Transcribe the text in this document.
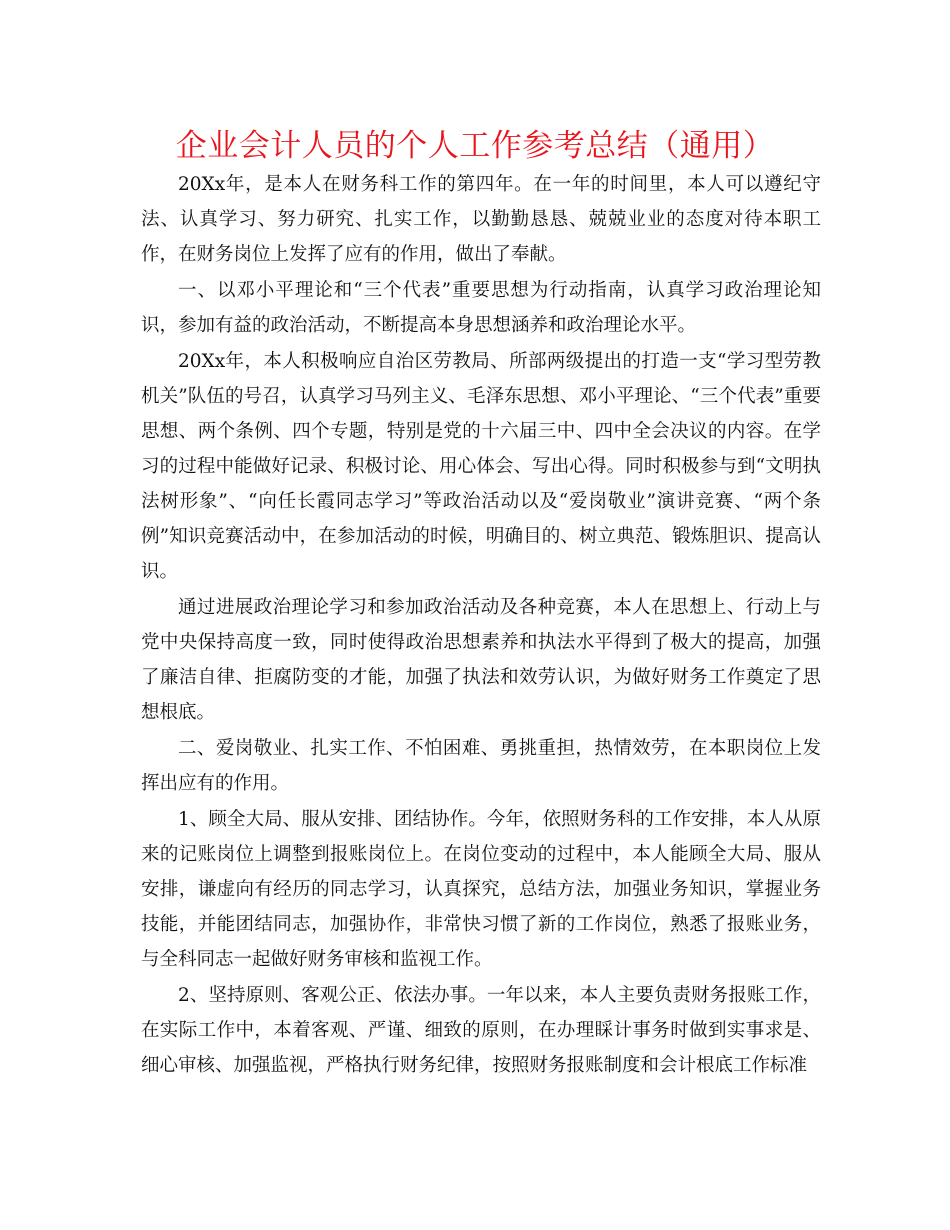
企业会计人员的个人工作参考总结（通用）

20Xx年，是本人在财务科工作的第四年。在一年的时间里，本人可以遵纪守法、认真学习、努力研究、扎实工作，以勤勤恳恳、兢兢业业的态度对待本职工作，在财务岗位上发挥了应有的作用，做出了奉献。

一、以邓小平理论和“三个代表”重要思想为行动指南，认真学习政治理论知识，参加有益的政治活动，不断提高本身思想涵养和政治理论水平。

20Xx年，本人积极响应自治区劳教局、所部两级提出的打造一支“学习型劳教机关”队伍的号召，认真学习马列主义、毛泽东思想、邓小平理论、“三个代表”重要思想、两个条例、四个专题，特别是党的十六届三中、四中全会决议的内容。在学习的过程中能做好记录、积极讨论、用心体会、写出心得。同时积极参与到“文明执法树形象”、“向任长霞同志学习”等政治活动以及“爱岗敬业”演讲竞赛、“两个条例”知识竞赛活动中，在参加活动的时候，明确目的、树立典范、锻炼胆识、提高认识。

通过进展政治理论学习和参加政治活动及各种竞赛，本人在思想上、行动上与党中央保持高度一致，同时使得政治思想素养和执法水平得到了极大的提高，加强了廉洁自律、拒腐防变的才能，加强了执法和效劳认识，为做好财务工作奠定了思想根底。

二、爱岗敬业、扎实工作、不怕困难、勇挑重担，热情效劳，在本职岗位上发挥出应有的作用。

1、顾全大局、服从安排、团结协作。今年，依照财务科的工作安排，本人从原来的记账岗位上调整到报账岗位上。在岗位变动的过程中，本人能顾全大局、服从安排，谦虚向有经历的同志学习，认真探究，总结方法，加强业务知识，掌握业务技能，并能团结同志，加强协作，非常快习惯了新的工作岗位，熟悉了报账业务，与全科同志一起做好财务审核和监视工作。

2、坚持原则、客观公正、依法办事。一年以来，本人主要负责财务报账工作，在实际工作中，本着客观、严谨、细致的原则，在办理睬计事务时做到实事求是、细心审核、加强监视，严格执行财务纪律，按照财务报账制度和会计根底工作标准
